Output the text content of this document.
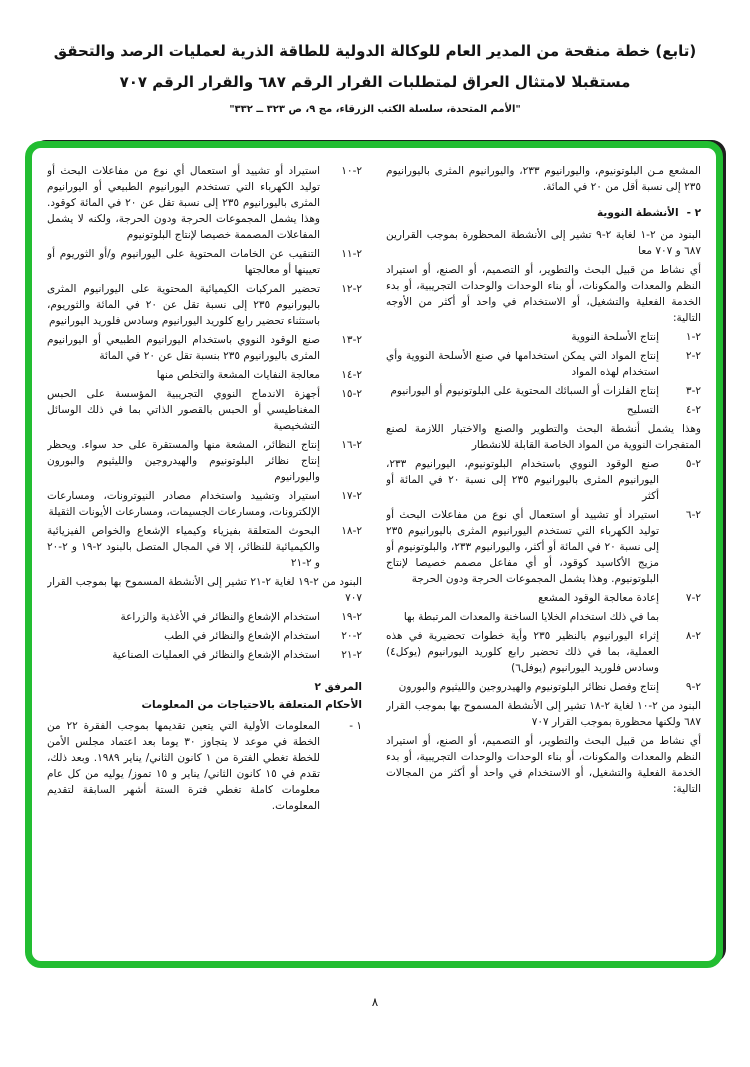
(تابع) خطة منقحة من المدير العام للوكالة الدولية للطاقة الذرية لعمليات الرصد والتحقق
مستقبلا لامتثال العراق لمتطلبات القرار الرقم ٦٨٧ والقرار الرقم ٧٠٧
"الأمم المتحدة، سلسلة الكتب الزرقاء، مج ٩، ص ٣٢٣ ــ ٣٣٢"
المشعع مـن البلوتونيوم، واليورانيوم ٢٣٣، واليورانيوم المثرى باليورانيوم ٢٣٥ إلى نسبة أقل من ٢٠ في المائة.
٢ -
الأنشطة النووية
البنود من ٢-١ لغاية ٢-٩ تشير إلى الأنشطة المحظورة بموجب القرارين ٦٨٧ و ٧٠٧ معا
أي نشاط من قبيل البحث والتطوير، أو التصميم، أو الصنع، أو استيراد النظم والمعدات والمكونات، أو بناء الوحدات والوحدات التجريبية، أو بدء الخدمة الفعلية والتشغيل، أو الاستخدام في واحد أو أكثر من الأوجه التالية:
٢-١
إنتاج الأسلحة النووية
٢-٢
إنتاج المواد التي يمكن استخدامها في صنع الأسلحة النووية وأي استخدام لهذه المواد
٢-٣
إنتاج الفلزات أو السبائك المحتوية على البلوتونيوم أو اليورانيوم
٢-٤
التسليح
وهذا يشمل أنشطة البحث والتطوير والصنع والاختبار اللازمة لصنع المتفجرات النووية من المواد الخاصة القابلة للانشطار
٢-٥
صنع الوقود النووي باستخدام البلوتونيوم، اليورانيوم ٢٣٣، اليورانيوم المثرى باليورانيوم ٢٣٥ إلى نسبة ٢٠ في المائة أو أكثر
٢-٦
استيراد أو تشييد أو استعمال أي نوع من مفاعلات البحث أو توليد الكهرباء التي تستخدم اليورانيوم المثرى باليورانيوم ٢٣٥ إلى نسبة ٢٠ في المائة أو أكثر، واليورانيوم ٢٣٣، والبلوتونيوم أو مزيج الأكاسيد كوقود، أو أي مفاعل مصمم خصيصا لإنتاج البلوتونيوم. وهذا يشمل المجموعات الحرجة ودون الحرجة
٢-٧
إعادة معالجة الوقود المشعع
بما في ذلك استخدام الخلايا الساخنة والمعدات المرتبطة بها
٢-٨
إثراء اليورانيوم بالنظير ٢٣٥ وأية خطوات تحضيرية في هذه العملية، بما في ذلك تحضير رابع كلوريد اليورانيوم (يوكل٤) وسادس فلوريد اليورانيوم (يوفل٦)
٢-٩
إنتاج وفصل نظائر البلوتونيوم والهيدروجين والليثيوم والبورون
البنود من ٢-١٠ لغاية ٢-١٨ تشير إلى الأنشطة المسموح بها بموجب القرار ٦٨٧ ولكنها محظورة بموجب القرار ٧٠٧
أي نشاط من قبيل البحث والتطوير، أو التصميم، أو الصنع، أو استيراد النظم والمعدات والمكونات، أو بناء الوحدات والوحدات التجريبية، أو بدء الخدمة الفعلية والتشغيل، أو الاستخدام في واحد أو أكثر من المجالات التالية:
٢-١٠
استيراد أو تشييد أو استعمال أي نوع من مفاعلات البحث أو توليد الكهرباء التي تستخدم اليورانيوم الطبيعي أو اليورانيوم المثرى باليورانيوم ٢٣٥ إلى نسبة تقل عن ٢٠ في المائة كوقود. وهذا يشمل المجموعات الحرجة ودون الحرجة، ولكنه لا يشمل المفاعلات المصممة خصيصا لإنتاج البلوتونيوم
٢-١١
التنقيب عن الخامات المحتوية على اليورانيوم و/أو الثوريوم أو تعيينها أو معالجتها
٢-١٢
تحضير المركبات الكيميائية المحتوية على اليورانيوم المثرى باليورانيوم ٢٣٥ إلى نسبة تقل عن ٢٠ في المائة والثوريوم، باستثناء تحضير رابع كلوريد اليورانيوم وسادس فلوريد اليورانيوم
٢-١٣
صنع الوقود النووي باستخدام اليورانيوم الطبيعي أو اليورانيوم المثرى باليورانيوم ٢٣٥ بنسبة تقل عن ٢٠ في المائة
٢-١٤
معالجة النفايات المشعة والتخلص منها
٢-١٥
أجهزة الاندماج النووي التجريبية المؤسسة على الحبس المغناطيسي أو الحبس بالقصور الذاتي بما في ذلك الوسائل التشخيصية
٢-١٦
إنتاج النظائر، المشعة منها والمستقرة على حد سواء. ويحظر إنتاج نظائر البلوتونيوم والهيدروجين والليثيوم والبورون واليورانيوم
٢-١٧
استيراد وتشييد واستخدام مصادر النيوترونات، ومسارعات الإلكترونات، ومسارعات الجسيمات، ومسارعات الأيونات الثقيلة
٢-١٨
البحوث المتعلقة بفيزياء وكيمياء الإشعاع والخواص الفيزيائية والكيميائية للنظائر، إلا في المجال المتصل بالبنود ٢-١٩ و ٢-٢٠ و ٢-٢١
البنود من ٢-١٩ لغاية ٢-٢١ تشير إلى الأنشطة المسموح بها بموجب القرار ٧٠٧
٢-١٩
استخدام الإشعاع والنظائر في الأغذية والزراعة
٢-٢٠
استخدام الإشعاع والنظائر في الطب
٢-٢١
استخدام الإشعاع والنظائر في العمليات الصناعية
المرفق ٢
الأحكام المتعلقة بالاحتياجات من المعلومات
١ -
المعلومات الأولية التي يتعين تقديمها بموجب الفقرة ٢٢ من الخطة في موعد لا يتجاوز ٣٠ يوما بعد اعتماد مجلس الأمن للخطة تغطي الفترة من ١ كانون الثاني/ يناير ١٩٨٩. وبعد ذلك، تقدم في ١٥ كانون الثاني/ يناير و ١٥ تموز/ يوليه من كل عام معلومات كاملة تغطي فترة الستة أشهر السابقة لتقديم المعلومات.
٨
